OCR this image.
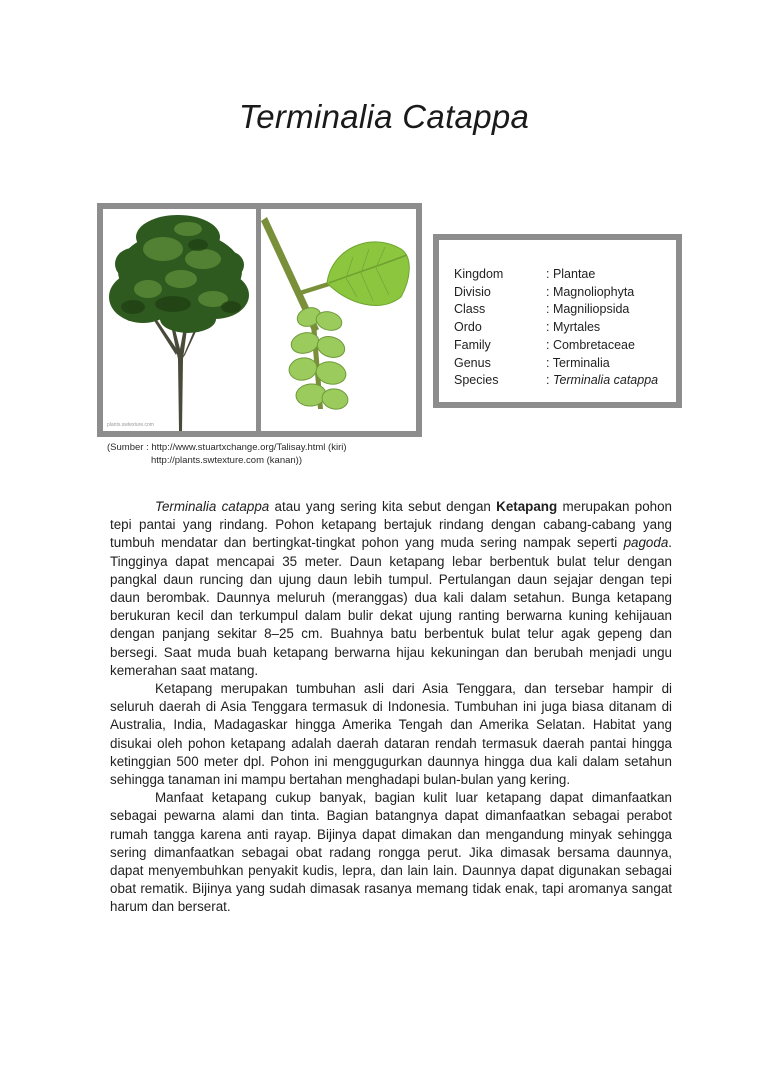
Terminalia Catappa
plants.swtexture.com
(Sumber : http://www.stuartxchange.org/Talisay.html (kiri)
http://plants.swtexture.com (kanan))
Kingdom	: Plantae
Divisio	: Magnoliophyta
Class	: Magniliopsida
Ordo	: Myrtales
Family	: Combretaceae
Genus	: Terminalia
Species	: Terminalia catappa

Terminalia catappa atau yang sering kita sebut dengan Ketapang merupakan pohon tepi pantai yang rindang. Pohon ketapang bertajuk rindang dengan cabang-cabang yang tumbuh mendatar dan bertingkat-tingkat pohon yang muda sering nampak seperti pagoda. Tingginya dapat mencapai 35 meter. Daun ketapang lebar berbentuk bulat telur dengan pangkal daun runcing dan ujung daun lebih tumpul. Pertulangan daun sejajar dengan tepi daun berombak. Daunnya meluruh (meranggas) dua kali dalam setahun. Bunga ketapang berukuran kecil dan terkumpul dalam bulir dekat ujung ranting berwarna kuning kehijauan dengan panjang sekitar 8–25 cm. Buahnya batu berbentuk bulat telur agak gepeng dan bersegi. Saat muda buah ketapang berwarna hijau kekuningan dan berubah menjadi ungu kemerahan saat matang.

Ketapang merupakan tumbuhan asli dari Asia Tenggara, dan tersebar hampir di seluruh daerah di Asia Tenggara termasuk di Indonesia. Tumbuhan ini juga biasa ditanam di Australia, India, Madagaskar hingga Amerika Tengah dan Amerika Selatan. Habitat yang disukai oleh pohon ketapang adalah daerah dataran rendah termasuk daerah pantai hingga ketinggian 500 meter dpl. Pohon ini menggugurkan daunnya hingga dua kali dalam setahun sehingga tanaman ini mampu bertahan menghadapi bulan-bulan yang kering.

Manfaat ketapang cukup banyak, bagian kulit luar ketapang dapat dimanfaatkan sebagai pewarna alami dan tinta. Bagian batangnya dapat dimanfaatkan sebagai perabot rumah tangga karena anti rayap. Bijinya dapat dimakan dan mengandung minyak sehingga sering dimanfaatkan sebagai obat radang rongga perut. Jika dimasak bersama daunnya, dapat menyembuhkan penyakit kudis, lepra, dan lain lain. Daunnya dapat digunakan sebagai obat rematik. Bijinya yang sudah dimasak rasanya memang tidak enak, tapi aromanya sangat harum dan berserat.
